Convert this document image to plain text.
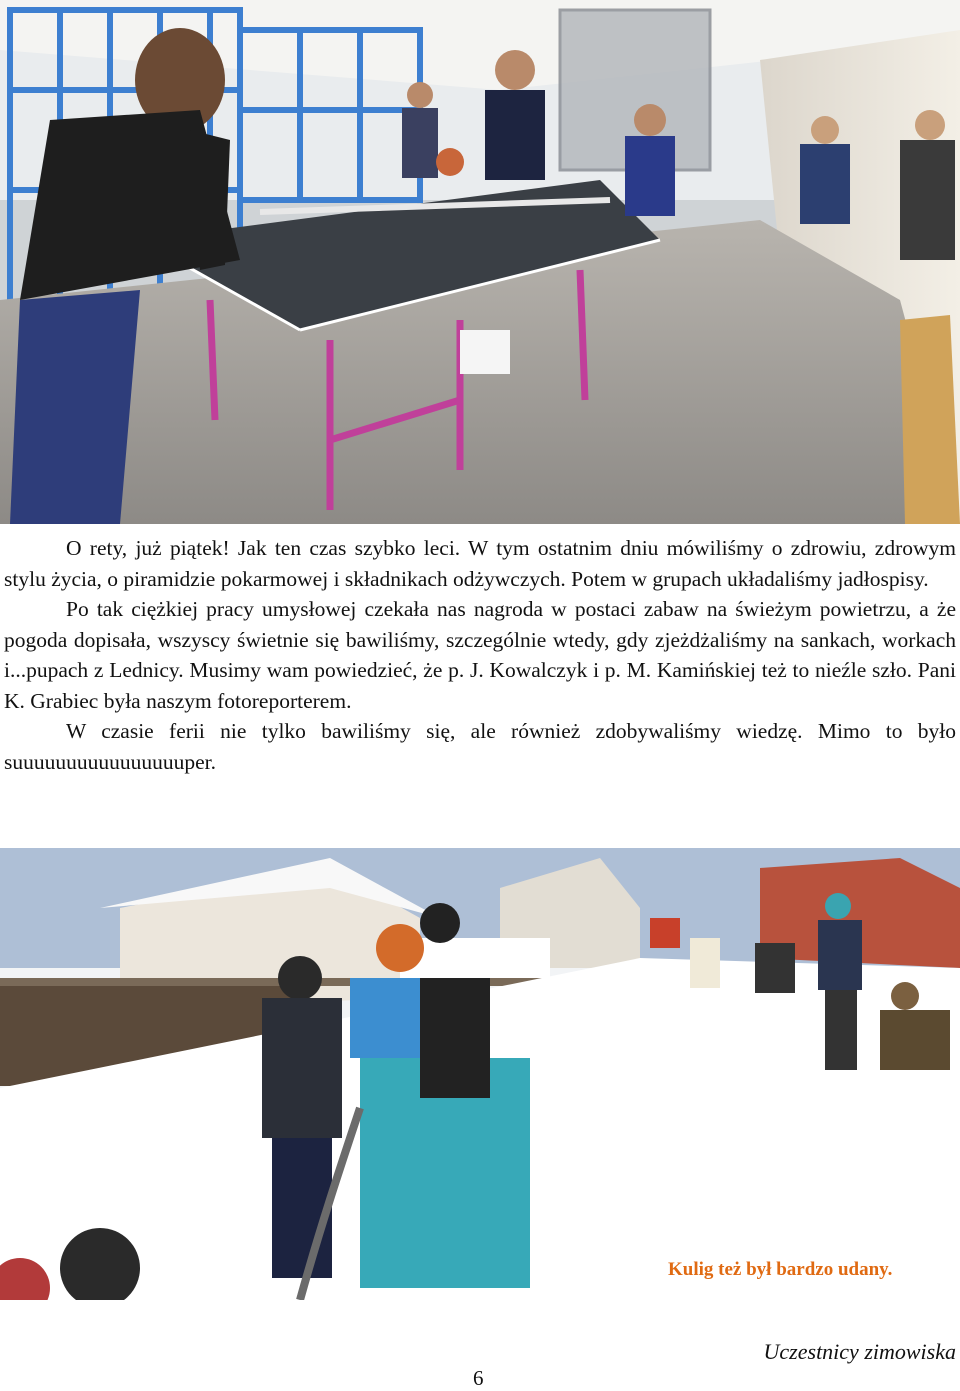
O rety, już piątek! Jak ten czas szybko leci. W tym ostatnim dniu mówiliśmy o zdrowiu, zdrowym stylu życia, o piramidzie pokarmowej i składnikach odżywczych. Potem w grupach układaliśmy jadłospisy.

Po tak ciężkiej pracy umysłowej czekała nas nagroda w postaci zabaw na świeżym powietrzu, a że pogoda dopisała, wszyscy świetnie się bawiliśmy, szczególnie wtedy, gdy zjeżdżaliśmy na sankach, workach i...pupach z Lednicy. Musimy wam powiedzieć, że p. J. Kowalczyk i p. M. Kamińskiej też to nieźle szło. Pani K. Grabiec była naszym fotoreporterem.

W czasie ferii nie tylko bawiliśmy się, ale również zdobywaliśmy wiedzę. Mimo to było suuuuuuuuuuuuuuuuper.

Kulig też był bardzo udany.
Uczestnicy zimowiska
6
